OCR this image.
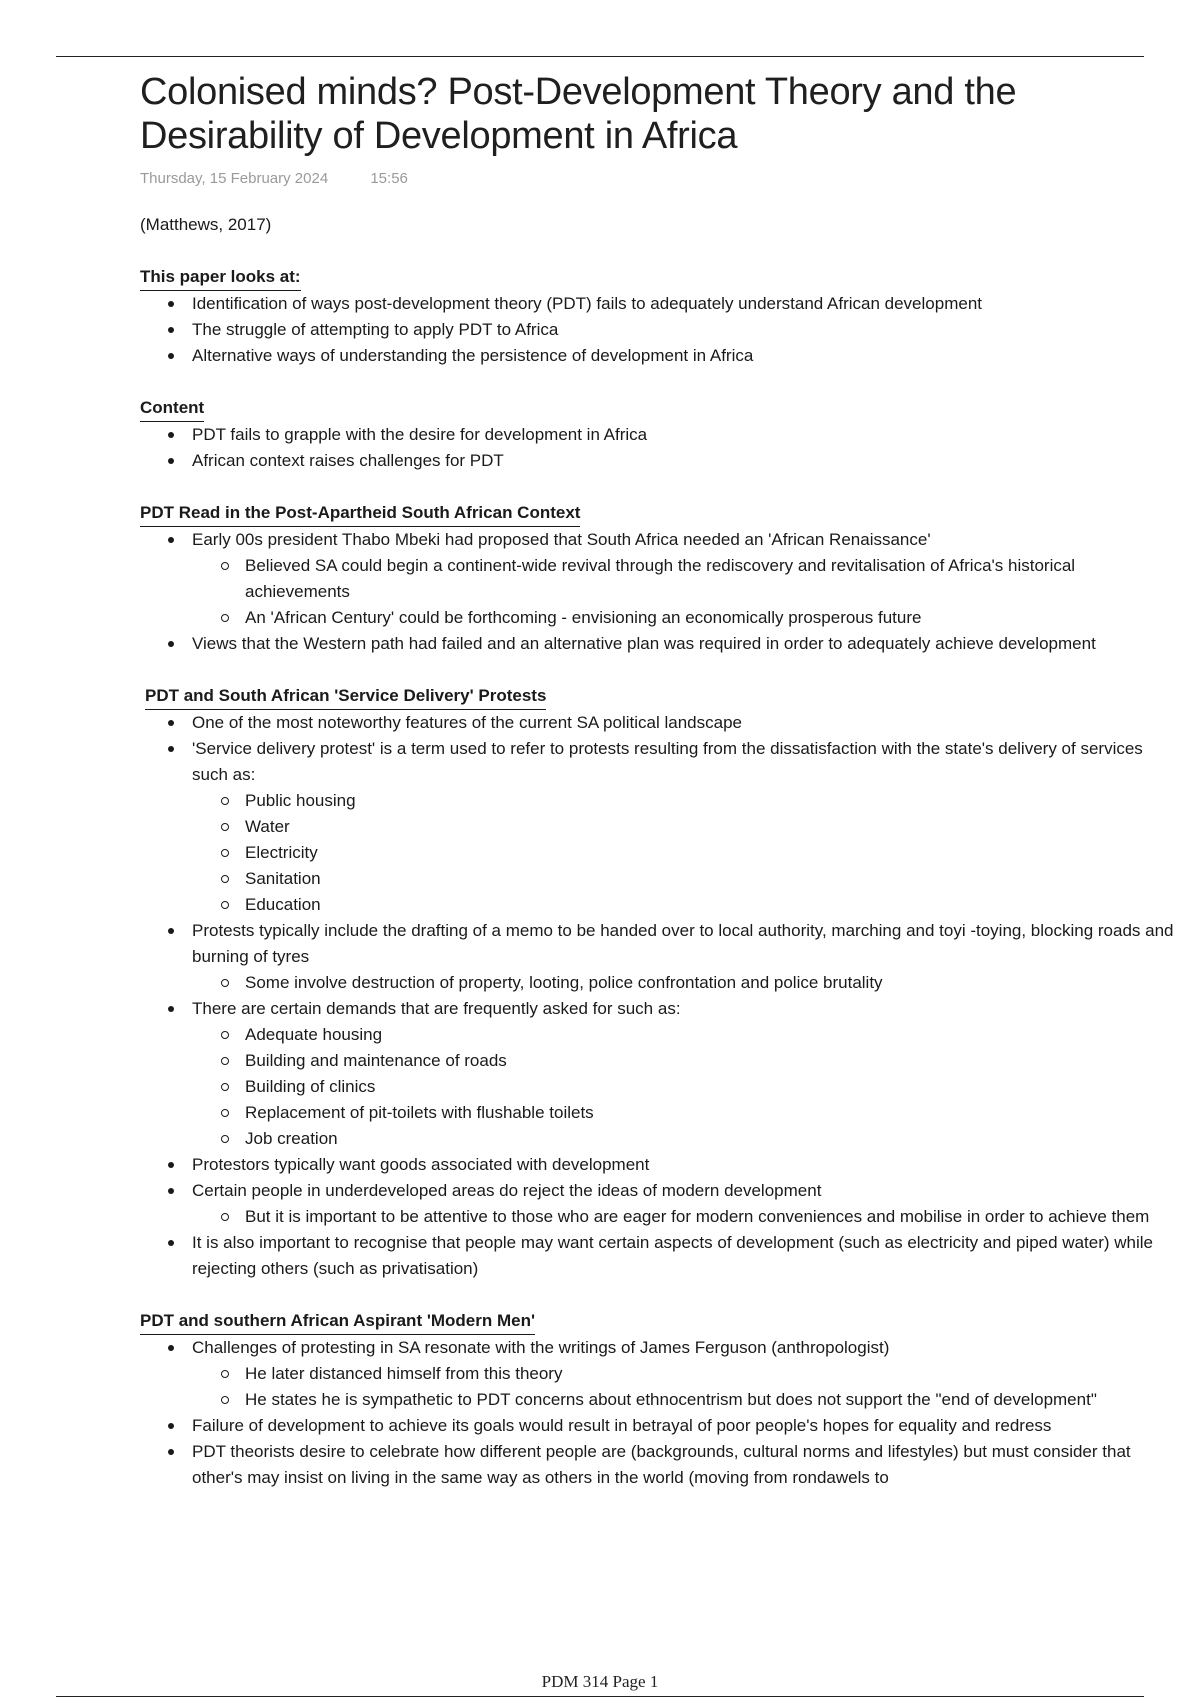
Colonised minds? Post-Development Theory and the Desirability of Development in Africa
Thursday, 15 February 2024	15:56
(Matthews, 2017)
This paper looks at:
Identification of ways post-development theory (PDT) fails to adequately understand African development
The struggle of attempting to apply PDT to Africa
Alternative ways of understanding the persistence of development in Africa
Content
PDT fails to grapple with the desire for development in Africa
African context raises challenges for PDT
PDT Read in the Post-Apartheid South African Context
Early 00s president Thabo Mbeki had proposed that South Africa needed an 'African Renaissance'
Believed SA could begin a continent-wide revival through the rediscovery and revitalisation of Africa's historical achievements
An 'African Century' could be forthcoming - envisioning an economically prosperous future
Views that the Western path had failed and an alternative plan was required in order to adequately achieve development
PDT and South African 'Service Delivery' Protests
One of the most noteworthy features of the current SA political landscape
'Service delivery protest' is a term used to refer to protests resulting from the dissatisfaction with the state's delivery of services such as:
Public housing
Water
Electricity
Sanitation
Education
Protests typically include the drafting of a memo to be handed over to local authority, marching and toyi -toying, blocking roads and burning of tyres
Some involve destruction of property, looting, police confrontation and police brutality
There are certain demands that are frequently asked for such as:
Adequate housing
Building and maintenance of roads
Building of clinics
Replacement of pit-toilets with flushable toilets
Job creation
Protestors typically want goods associated with development
Certain people in underdeveloped areas do reject the ideas of modern development
But it is important to be attentive to those who are eager for modern conveniences and mobilise in order to achieve them
It is also important to recognise that people may want certain aspects of development (such as electricity and piped water) while rejecting others (such as privatisation)
PDT and southern African Aspirant 'Modern Men'
Challenges of protesting in SA resonate with the writings of James Ferguson (anthropologist)
He later distanced himself from this theory
He states he is sympathetic to PDT concerns about ethnocentrism but does not support the "end of development"
Failure of development to achieve its goals would result in betrayal of poor people's hopes for equality and redress
PDT theorists desire to celebrate how different people are (backgrounds, cultural norms and lifestyles) but must consider that other's may insist on living in the same way as others in the world (moving from rondawels to
PDM 314 Page 1
